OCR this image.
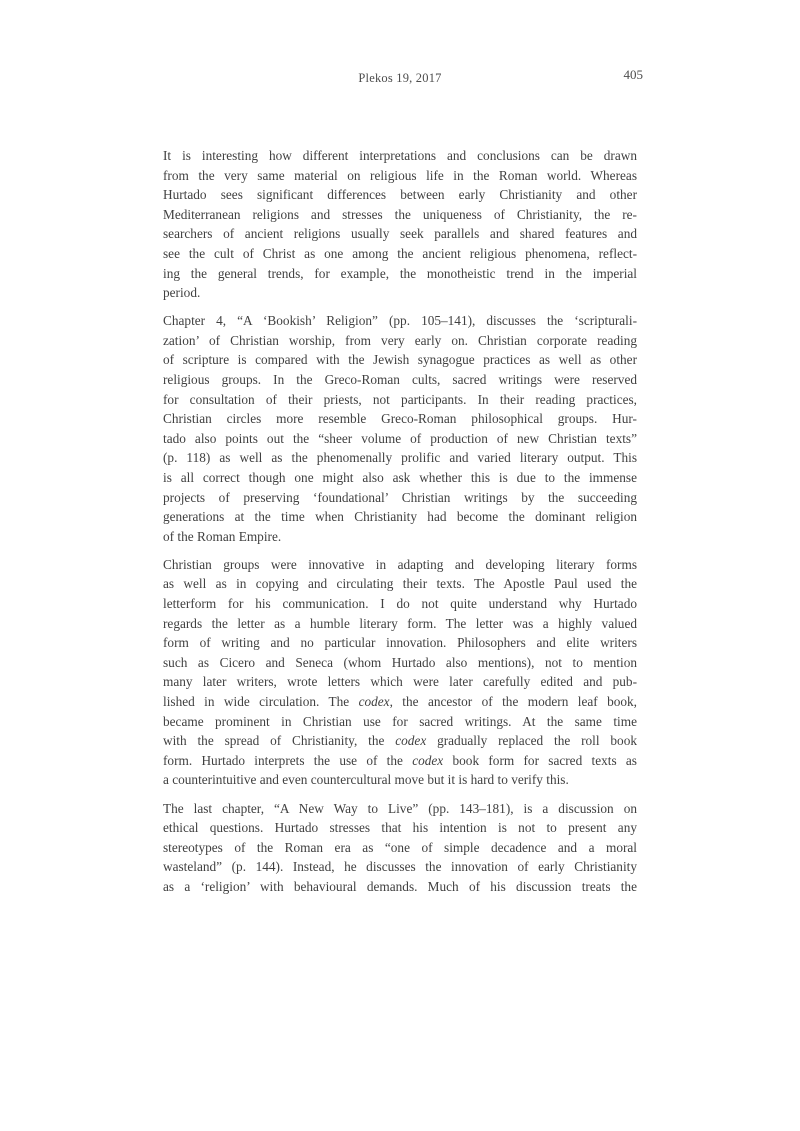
Plekos 19, 2017	405
It is interesting how different interpretations and conclusions can be drawn
from the very same material on religious life in the Roman world. Whereas
Hurtado sees significant differences between early Christianity and other
Mediterranean religions and stresses the uniqueness of Christianity, the re-
searchers of ancient religions usually seek parallels and shared features and
see the cult of Christ as one among the ancient religious phenomena, reflect-
ing the general trends, for example, the monotheistic trend in the imperial
period.
Chapter 4, “A ‘Bookish’ Religion” (pp. 105–141), discusses the ‘scripturali-
zation’ of Christian worship, from very early on. Christian corporate reading
of scripture is compared with the Jewish synagogue practices as well as other
religious groups. In the Greco-Roman cults, sacred writings were reserved
for consultation of their priests, not participants. In their reading practices,
Christian circles more resemble Greco-Roman philosophical groups. Hur-
tado also points out the “sheer volume of production of new Christian texts”
(p. 118) as well as the phenomenally prolific and varied literary output. This
is all correct though one might also ask whether this is due to the immense
projects of preserving ‘foundational’ Christian writings by the succeeding
generations at the time when Christianity had become the dominant religion
of the Roman Empire.
Christian groups were innovative in adapting and developing literary forms
as well as in copying and circulating their texts. The Apostle Paul used the
letterform for his communication. I do not quite understand why Hurtado
regards the letter as a humble literary form. The letter was a highly valued
form of writing and no particular innovation. Philosophers and elite writers
such as Cicero and Seneca (whom Hurtado also mentions), not to mention
many later writers, wrote letters which were later carefully edited and pub-
lished in wide circulation. The codex, the ancestor of the modern leaf book,
became prominent in Christian use for sacred writings. At the same time
with the spread of Christianity, the codex gradually replaced the roll book
form. Hurtado interprets the use of the codex book form for sacred texts as
a counterintuitive and even countercultural move but it is hard to verify this.
The last chapter, “A New Way to Live” (pp. 143–181), is a discussion on
ethical questions. Hurtado stresses that his intention is not to present any
stereotypes of the Roman era as “one of simple decadence and a moral
wasteland” (p. 144). Instead, he discusses the innovation of early Christianity
as a ‘religion’ with behavioural demands. Much of his discussion treats the
